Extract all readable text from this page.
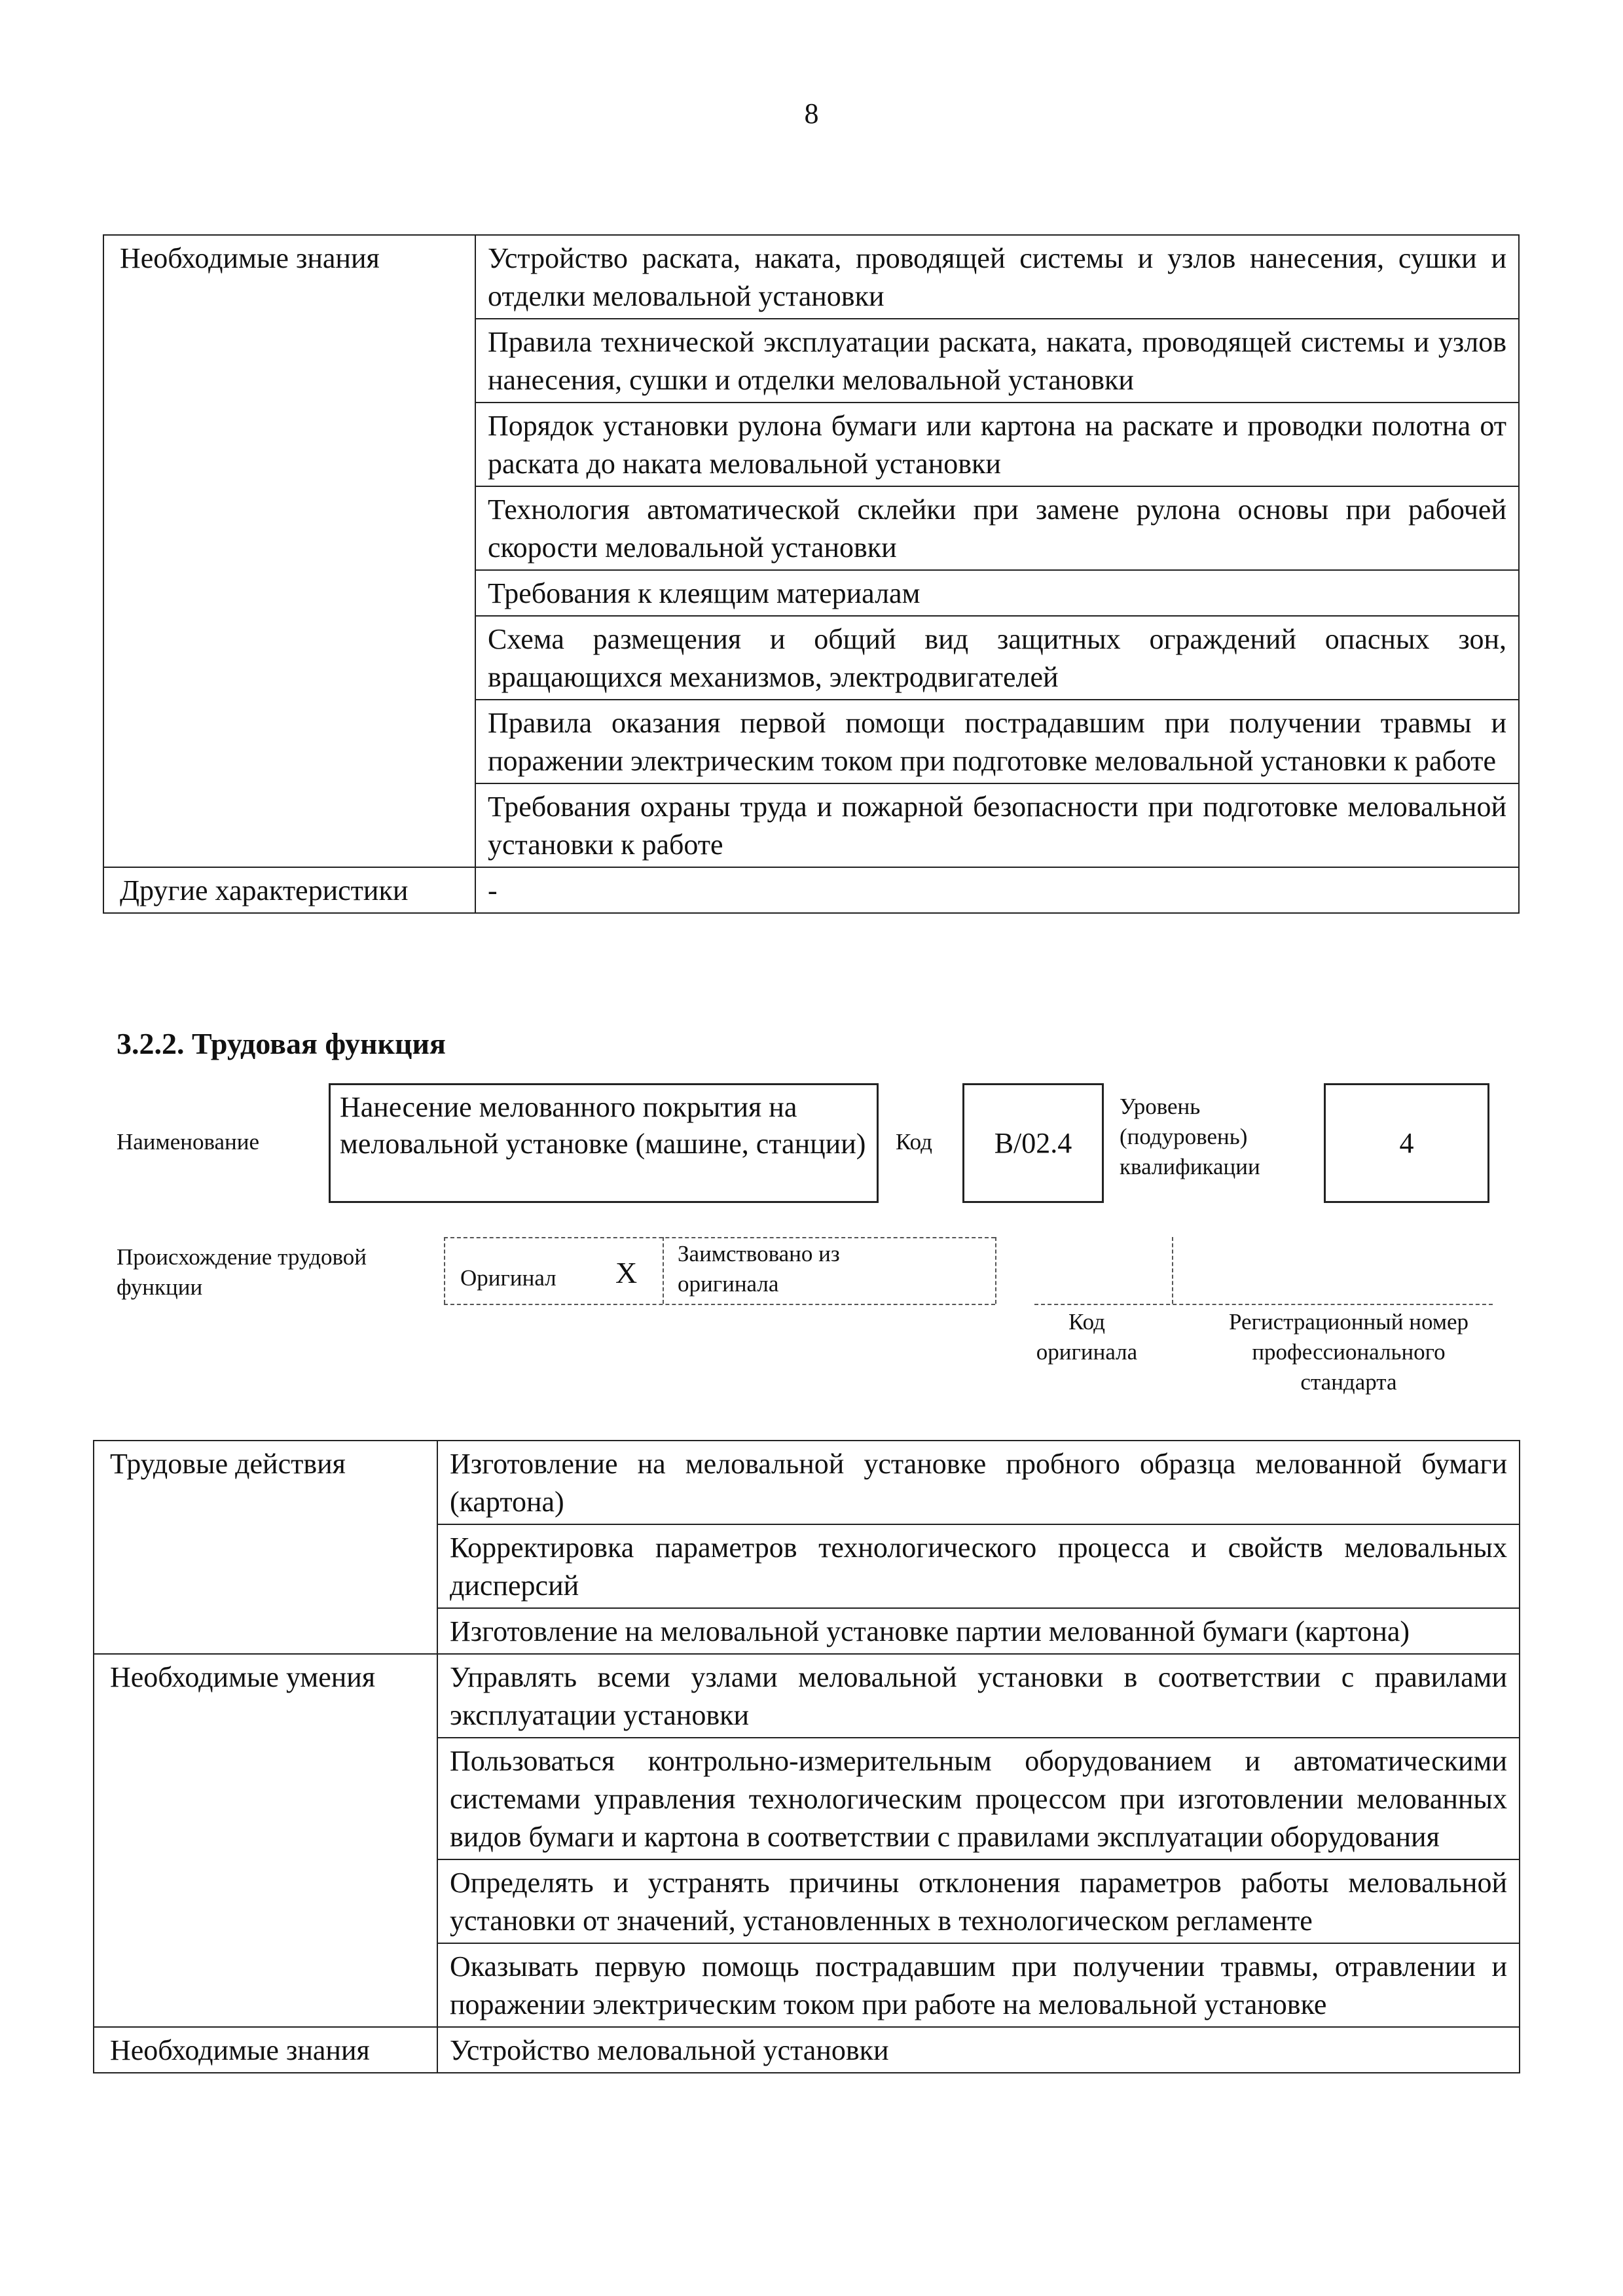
8
Необходимые знания	Устройство раската, наката, проводящей системы и узлов нанесения, сушки и отделки меловальной установки
	Правила технической эксплуатации раската, наката, проводящей системы и узлов нанесения, сушки и отделки меловальной установки
	Порядок установки рулона бумаги или картона на раскате и проводки полотна от раската до наката меловальной установки
	Технология автоматической склейки при замене рулона основы при рабочей скорости меловальной установки
	Требования к клеящим материалам
	Схема размещения и общий вид защитных ограждений опасных зон, вращающихся механизмов, электродвигателей
	Правила оказания первой помощи пострадавшим при получении травмы и поражении электрическим током при подготовке меловальной установки к работе
	Требования охраны труда и пожарной безопасности при подготовке меловальной установки к работе
Другие характеристики	-
3.2.2. Трудовая функция
Наименование
Нанесение мелованного покрытия на меловальной установке (машине, станции)	Код	B/02.4
Уровень
(подуровень)
квалификации
4
Происхождение трудовой
функции	Оригинал X
Заимствовано из
оригинала
Код
оригинала
Регистрационный номер
профессионального
стандарта
Трудовые действия	Изготовление на меловальной установке пробного образца мелованной бумаги (картона)
	Корректировка параметров технологического процесса и свойств меловальных дисперсий
	Изготовление на меловальной установке партии мелованной бумаги (картона)
Необходимые умения	Управлять всеми узлами меловальной установки в соответствии с правилами эксплуатации установки
	Пользоваться контрольно-измерительным оборудованием и автоматическими системами управления технологическим процессом при изготовлении мелованных видов бумаги и картона в соответствии с правилами эксплуатации оборудования
	Определять и устранять причины отклонения параметров работы меловальной установки от значений, установленных в технологическом регламенте
	Оказывать первую помощь пострадавшим при получении травмы, отравлении и поражении электрическим током при работе на меловальной установке
Необходимые знания	Устройство меловальной установки
